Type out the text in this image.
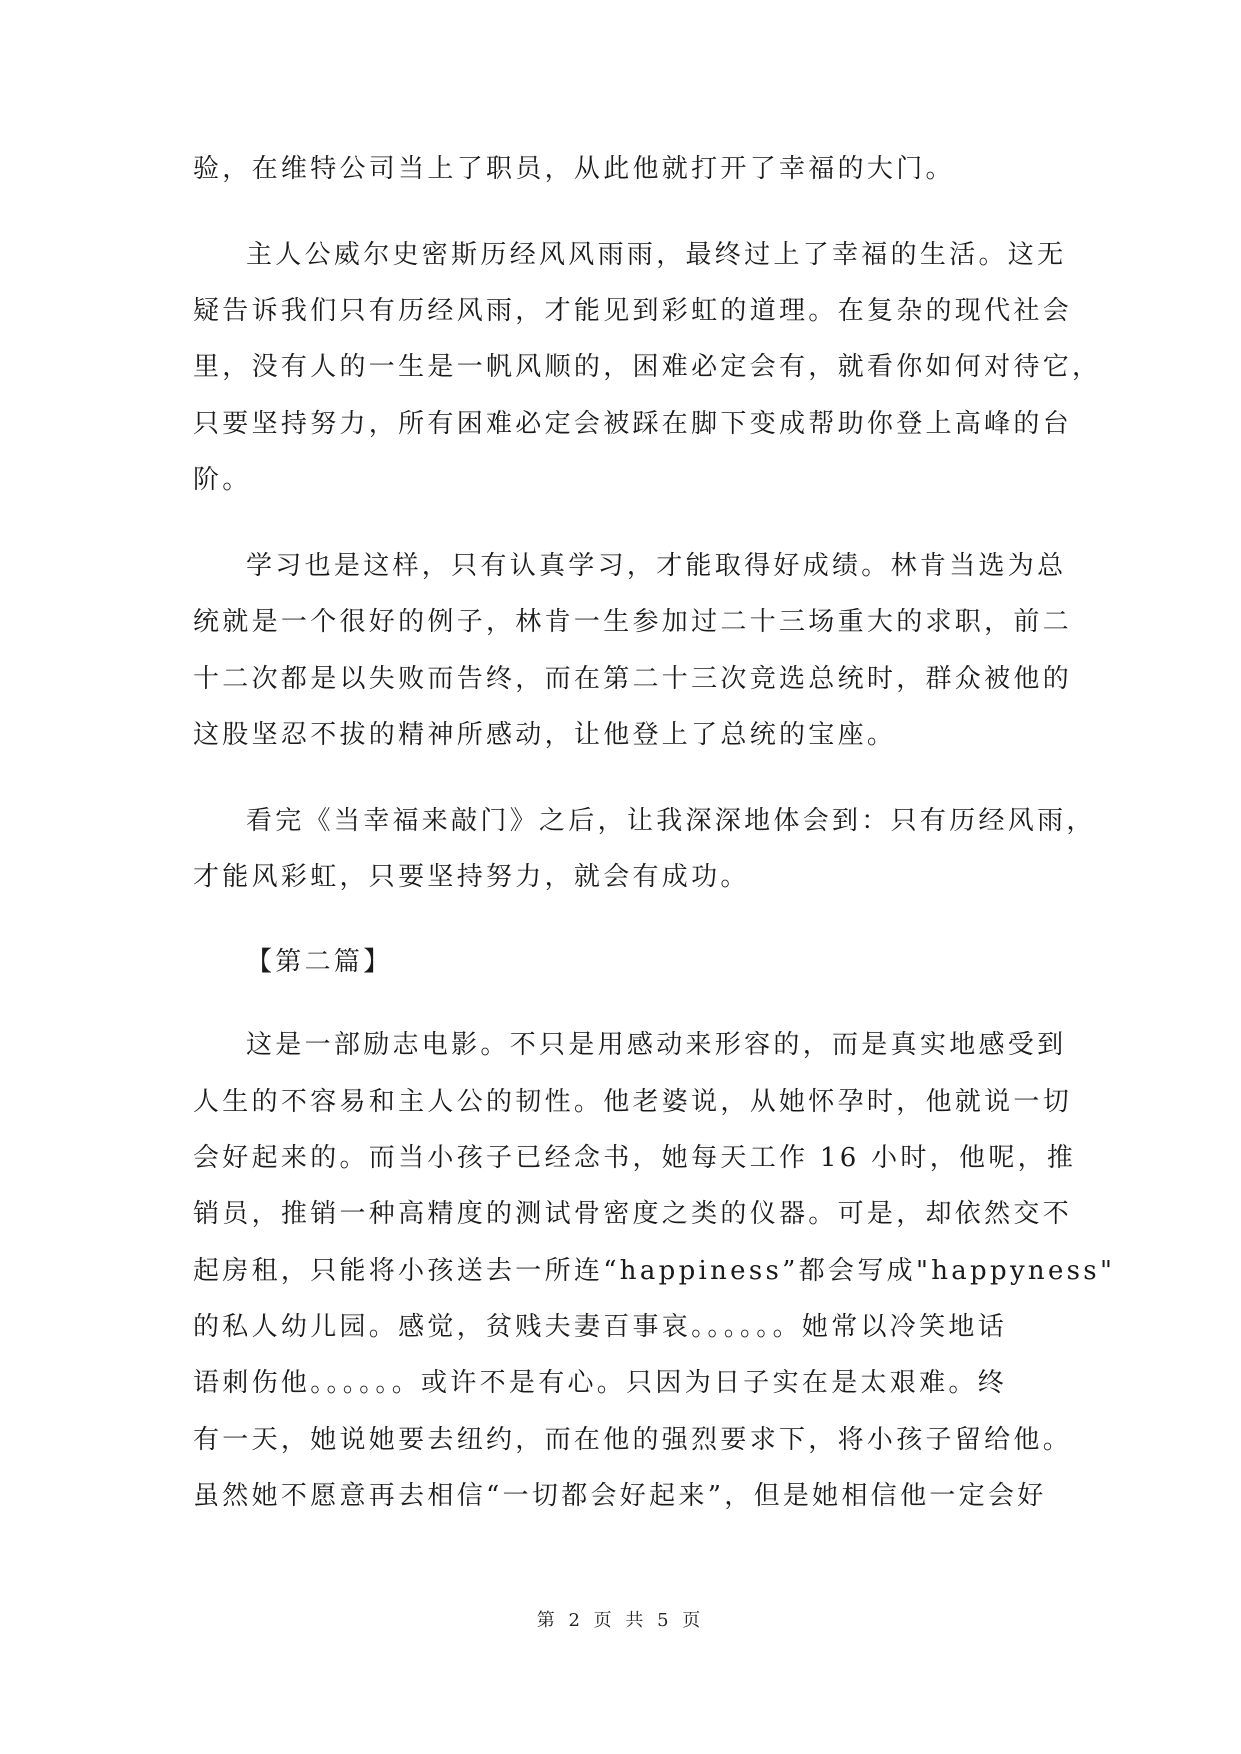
验，在维特公司当上了职员，从此他就打开了幸福的大门。
主人公威尔史密斯历经风风雨雨，最终过上了幸福的生活。这无
疑告诉我们只有历经风雨，才能见到彩虹的道理。在复杂的现代社会
里，没有人的一生是一帆风顺的，困难必定会有，就看你如何对待它，
只要坚持努力，所有困难必定会被踩在脚下变成帮助你登上高峰的台
阶。
学习也是这样，只有认真学习，才能取得好成绩。林肯当选为总
统就是一个很好的例子，林肯一生参加过二十三场重大的求职，前二
十二次都是以失败而告终，而在第二十三次竞选总统时，群众被他的
这股坚忍不拔的精神所感动，让他登上了总统的宝座。
看完《当幸福来敲门》之后，让我深深地体会到：只有历经风雨，
才能风彩虹，只要坚持努力，就会有成功。
【第二篇】
这是一部励志电影。不只是用感动来形容的，而是真实地感受到
人生的不容易和主人公的韧性。他老婆说，从她怀孕时，他就说一切
会好起来的。而当小孩子已经念书，她每天工作 16 小时，他呢，推
销员，推销一种高精度的测试骨密度之类的仪器。可是，却依然交不
起房租，只能将小孩送去一所连“happiness”都会写成"happyness"
的私人幼儿园。感觉，贫贱夫妻百事哀。。。。。。她常以冷笑地话
语刺伤他。。。。。。或许不是有心。只因为日子实在是太艰难。终
有一天，她说她要去纽约，而在他的强烈要求下，将小孩子留给他。
虽然她不愿意再去相信“一切都会好起来”，但是她相信他一定会好
第 2 页 共 5 页
